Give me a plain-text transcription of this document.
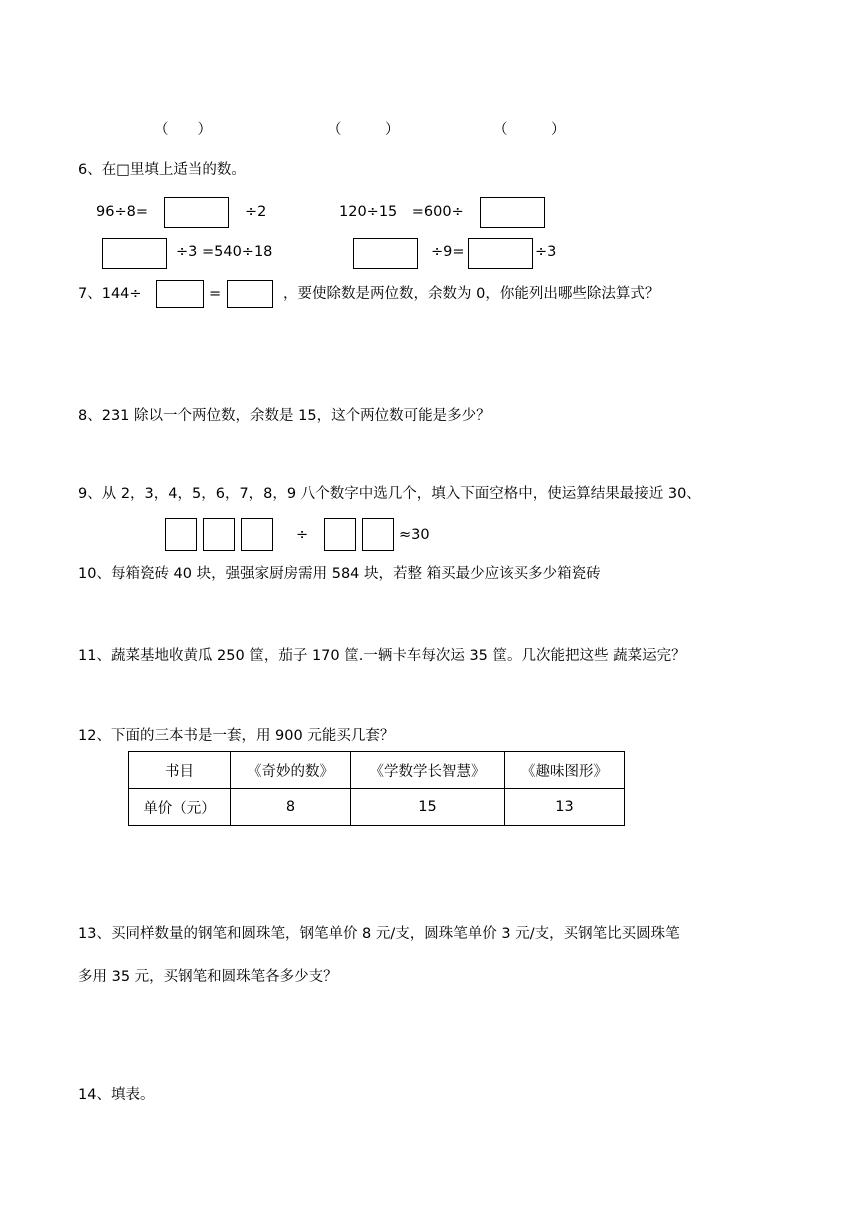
（　　）	（　　　）	（　　　）
6、在□里填上适当的数。
96÷8=	÷2	120÷15　=600÷
÷3 =540÷18	÷9=	÷3
7、144÷	=	，要使除数是两位数，余数为 0，你能列出哪些除法算式？
8、231 除以一个两位数，余数是 15，这个两位数可能是多少？
9、从 2，3，4，5，6，7，8，9 八个数字中选几个，填入下面空格中，使运算结果最接近 30、
÷	≈30
10、每箱瓷砖 40 块，强强家厨房需用 584 块，若整 箱买最少应该买多少箱瓷砖
11、蔬菜基地收黄瓜 250 筐，茄子 170 筐.一辆卡车每次运 35 筐。几次能把这些 蔬菜运完？
12、下面的三本书是一套，用 900 元能买几套？
书目	《奇妙的数》	《学数学长智慧》	《趣味图形》
单价（元）	8	15	13
13、买同样数量的钢笔和圆珠笔，钢笔单价 8 元/支，圆珠笔单价 3 元/支，买钢笔比买圆珠笔
多用 35 元，买钢笔和圆珠笔各多少支？
14、填表。
